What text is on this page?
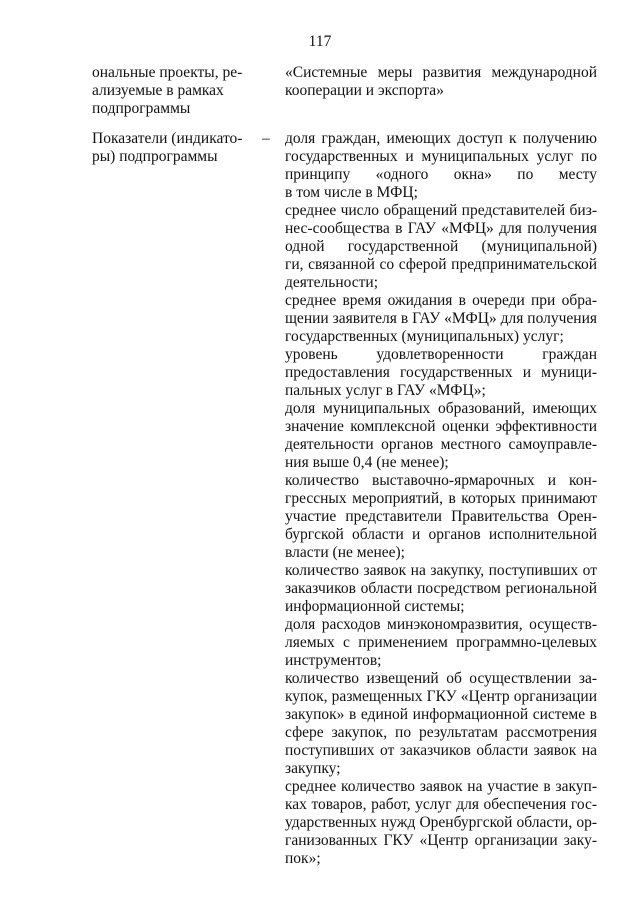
117
ональные проекты, ре-
ализуемые в рамках
подпрограммы
«Системные меры развития международной
кооперации и экспорта»
Показатели (индикато-
ры) подпрограммы
– доля граждан, имеющих доступ к получению
государственных и муниципальных услуг по
принципу «одного окна» по месту
в том числе в МФЦ;
среднее число обращений представителей биз-
нес-сообщества в ГАУ «МФЦ» для получения
одной государственной (муниципальной)
ги, связанной со сферой предпринимательской
деятельности;
среднее время ожидания в очереди при обра-
щении заявителя в ГАУ «МФЦ» для получения
государственных (муниципальных) услуг;
уровень удовлетворенности граждан
предоставления государственных и муници-
пальных услуг в ГАУ «МФЦ»;
доля муниципальных образований, имеющих
значение комплексной оценки эффективности
деятельности органов местного самоуправле-
ния выше 0,4 (не менее);
количество выставочно-ярмарочных и кон-
грессных мероприятий, в которых принимают
участие представители Правительства Орен-
бургской области и органов исполнительной
власти (не менее);
количество заявок на закупку, поступивших от
заказчиков области посредством региональной
информационной системы;
доля расходов минэкономразвития, осуществ-
ляемых с применением программно-целевых
инструментов;
количество извещений об осуществлении за-
купок, размещенных ГКУ «Центр организации
закупок» в единой информационной системе в
сфере закупок, по результатам рассмотрения
поступивших от заказчиков области заявок на
закупку;
среднее количество заявок на участие в закуп-
ках товаров, работ, услуг для обеспечения гос-
ударственных нужд Оренбургской области, ор-
ганизованных ГКУ «Центр организации заку-
пок»;
